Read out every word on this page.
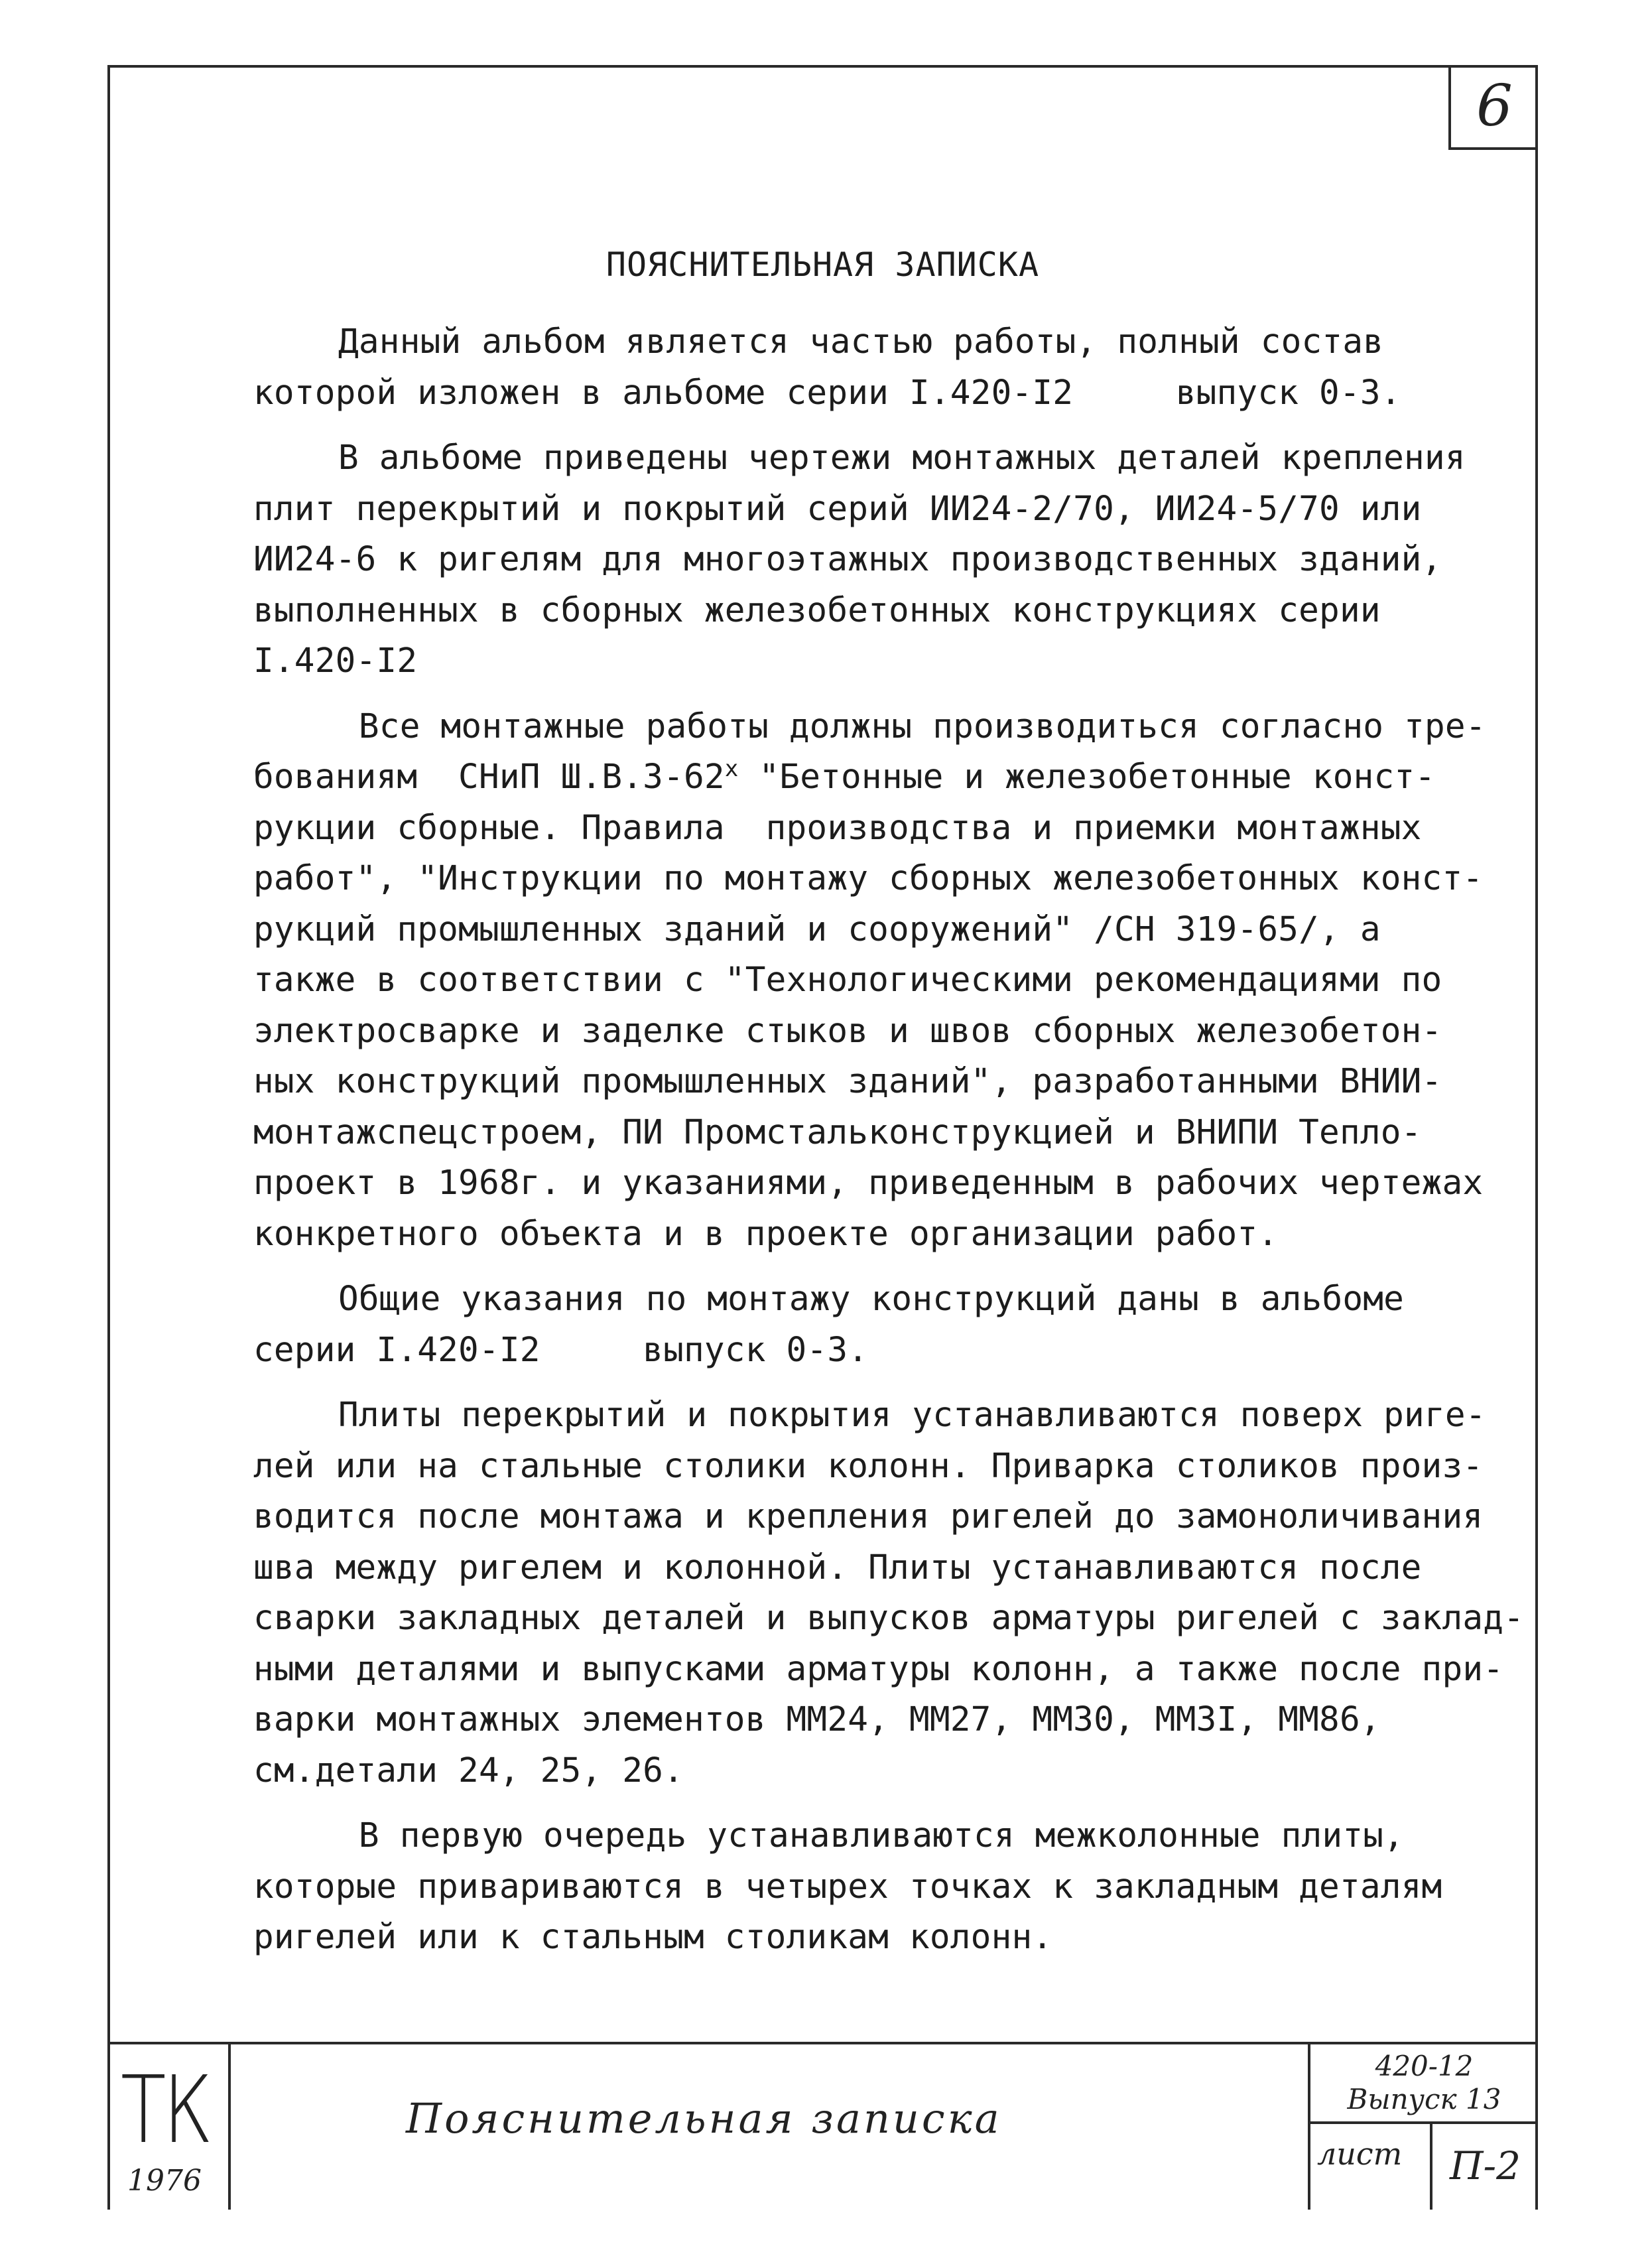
6
ПОЯСНИТЕЛЬНАЯ ЗАПИСКА
Данный альбом является частью работы, полный состав
которой изложен в альбоме серии I.420-I2     выпуск 0-3.
В альбоме приведены чертежи монтажных деталей крепления
плит перекрытий и покрытий серий ИИ24-2/70, ИИ24-5/70 или
ИИ24-6 к ригелям для многоэтажных производственных зданий,
выполненных в сборных железобетонных конструкциях серии
I.420-I2
Все монтажные работы должны производиться согласно тре-
бованиям  СНиП Ш.В.3-62$^x$ "Бетонные и железобетонные конст-
рукции сборные. Правила  производства и приемки монтажных
работ", "Инструкции по монтажу сборных железобетонных конст-
рукций промышленных зданий и сооружений" /СН 319-65/, а
также в соответствии с "Технологическими рекомендациями по
электросварке и заделке стыков и швов сборных железобетон-
ных конструкций промышленных зданий", разработанными ВНИИ-
монтажспецстроем, ПИ Промстальконструкцией и ВНИПИ Тепло-
проект в 1968г. и указаниями, приведенным в рабочих чертежах
конкретного объекта и в проекте организации работ.
Общие указания по монтажу конструкций даны в альбоме
серии I.420-I2     выпуск 0-3.
Плиты перекрытий и покрытия устанавливаются поверх риге-
лей или на стальные столики колонн. Приварка столиков произ-
водится после монтажа и крепления ригелей до замоноличивания
шва между ригелем и колонной. Плиты устанавливаются после
сварки закладных деталей и выпусков арматуры ригелей с заклад-
ными деталями и выпусками арматуры колонн, а также после при-
варки монтажных элементов ММ24, ММ27, ММ30, ММ3I, ММ86,
см.детали 24, 25, 26.
В первую очередь устанавливаются межколонные плиты,
которые привариваются в четырех точках к закладным деталям
ригелей или к стальным столикам колонн.
ТК
1976
Пояснительная записка
420-12
Выпуск 13
лист	П-2
